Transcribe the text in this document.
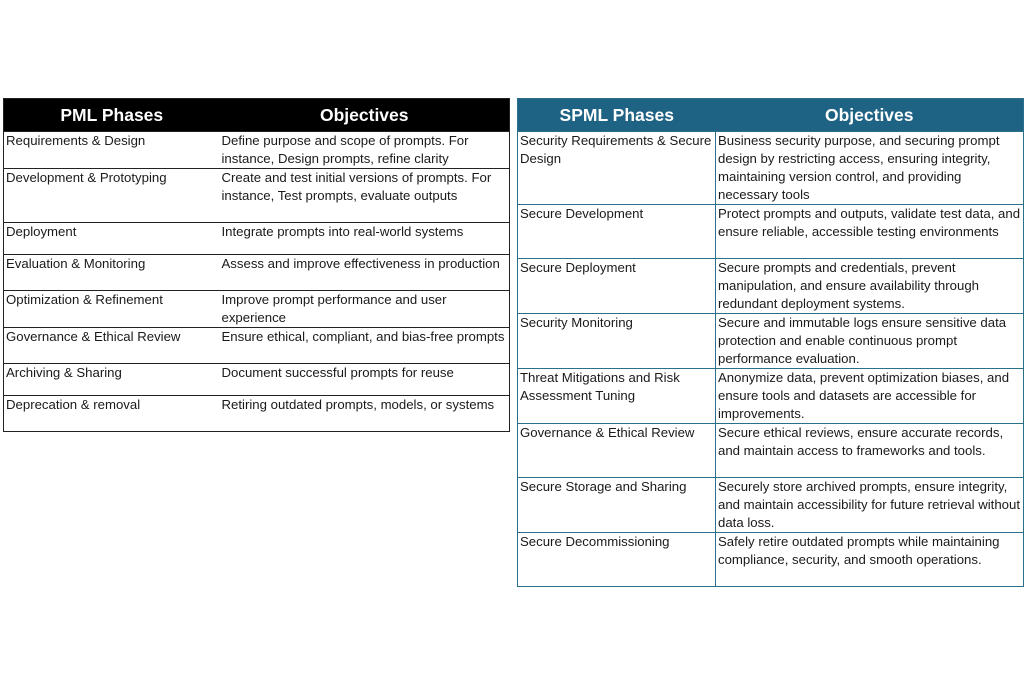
PML Phases	Objectives
Requirements & Design	Define purpose and scope of prompts. For instance, Design prompts, refine clarity
Development & Prototyping	Create and test initial versions of prompts. For instance, Test prompts, evaluate outputs
Deployment	Integrate prompts into real-world systems
Evaluation & Monitoring	Assess and improve effectiveness in production
Optimization & Refinement	Improve prompt performance and user experience
Governance & Ethical Review	Ensure ethical, compliant, and bias-free prompts
Archiving & Sharing	Document successful prompts for reuse
Deprecation & removal	Retiring outdated prompts, models, or systems
SPML Phases	Objectives
Security Requirements & Secure Design	Business security purpose, and securing prompt design by restricting access, ensuring integrity, maintaining version control, and providing necessary tools
Secure Development	Protect prompts and outputs, validate test data, and ensure reliable, accessible testing environments
Secure Deployment	Secure prompts and credentials, prevent manipulation, and ensure availability through redundant deployment systems.
Security Monitoring	Secure and immutable logs ensure sensitive data protection and enable continuous prompt performance evaluation.
Threat Mitigations and Risk Assessment Tuning	Anonymize data, prevent optimization biases, and ensure tools and datasets are accessible for improvements.
Governance & Ethical Review	Secure ethical reviews, ensure accurate records, and maintain access to frameworks and tools.
Secure Storage and Sharing	Securely store archived prompts, ensure integrity, and maintain accessibility for future retrieval without data loss.
Secure Decommissioning	Safely retire outdated prompts while maintaining compliance, security, and smooth operations.
